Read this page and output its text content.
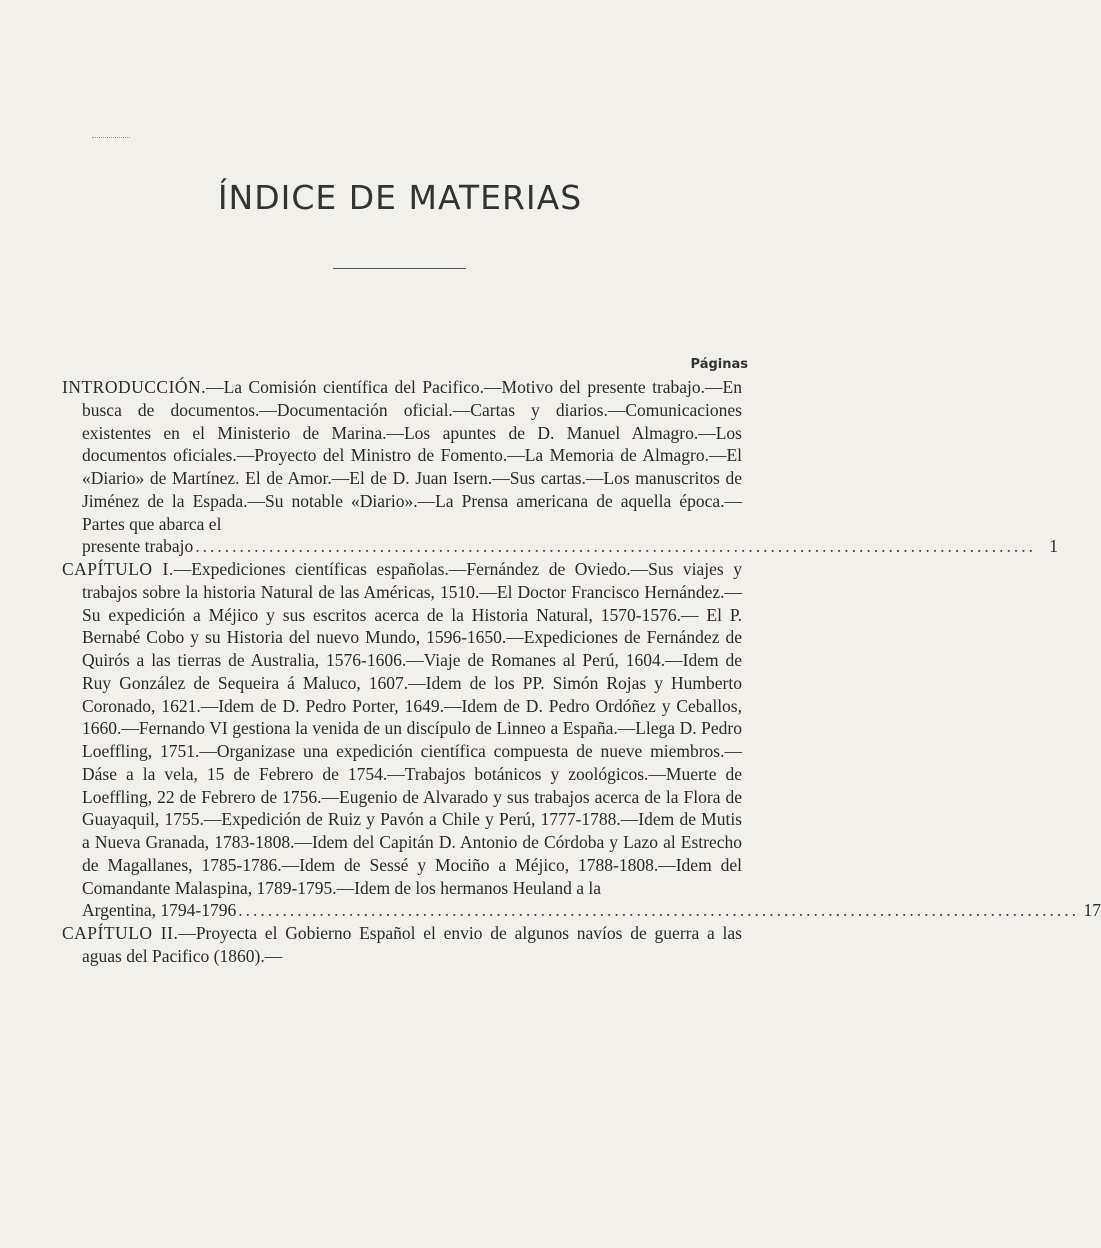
ÍNDICE DE MATERIAS
Páginas

INTRODUCCIÓN.—La Comisión científica del Pacifico.—Motivo del presente trabajo.—En busca de documentos.—Documentación oficial.—Cartas y diarios.—Comunicaciones existentes en el Ministerio de Marina.—Los apuntes de D. Manuel Almagro.—Los documentos oficiales.—Proyecto del Ministro de Fomento.—La Memoria de Almagro.—El «Diario» de Martínez. El de Amor.—El de D. Juan Isern.—Sus cartas.—Los manuscritos de Jiménez de la Espada.—Su notable «Diario».—La Prensa americana de aquella época.—Partes que abarca el

presente trabajo .................................................................................................................. 1

CAPÍTULO I.—Expediciones científicas españolas.—Fernández de Oviedo.—Sus viajes y trabajos sobre la historia Natural de las Américas, 1510.—El Doctor Francisco Hernández.—Su expedición a Méjico y sus escritos acerca de la Historia Natural, 1570-1576.— El P. Bernabé Cobo y su Historia del nuevo Mundo, 1596-1650.—Expediciones de Fernández de Quirós a las tierras de Australia, 1576-1606.—Viaje de Romanes al Perú, 1604.—Idem de Ruy González de Sequeira á Maluco, 1607.—Idem de los PP. Simón Rojas y Humberto Coronado, 1621.—Idem de D. Pedro Porter, 1649.—Idem de D. Pedro Ordóñez y Ceballos, 1660.—Fernando VI gestiona la venida de un discípulo de Linneo a España.—Llega D. Pedro Loeffling, 1751.—Organizase una expedición científica compuesta de nueve miembros.—Dáse a la vela, 15 de Febrero de 1754.—Trabajos botánicos y zoológicos.—Muerte de Loeffling, 22 de Febrero de 1756.—Eugenio de Alvarado y sus trabajos acerca de la Flora de Guayaquil, 1755.—Expedición de Ruiz y Pavón a Chile y Perú, 1777-1788.—Idem de Mutis a Nueva Granada, 1783-1808.—Idem del Capitán D. Antonio de Córdoba y Lazo al Estrecho de Magallanes, 1785-1786.—Idem de Sessé y Mociño a Méjico, 1788-1808.—Idem del Comandante Malaspina, 1789-1795.—Idem de los hermanos Heuland a la

Argentina, 1794-1796 .................................................................................................................. 17

CAPÍTULO II.—Proyecta el Gobierno Español el envio de algunos navíos de guerra a las aguas del Pacifico (1860).—
